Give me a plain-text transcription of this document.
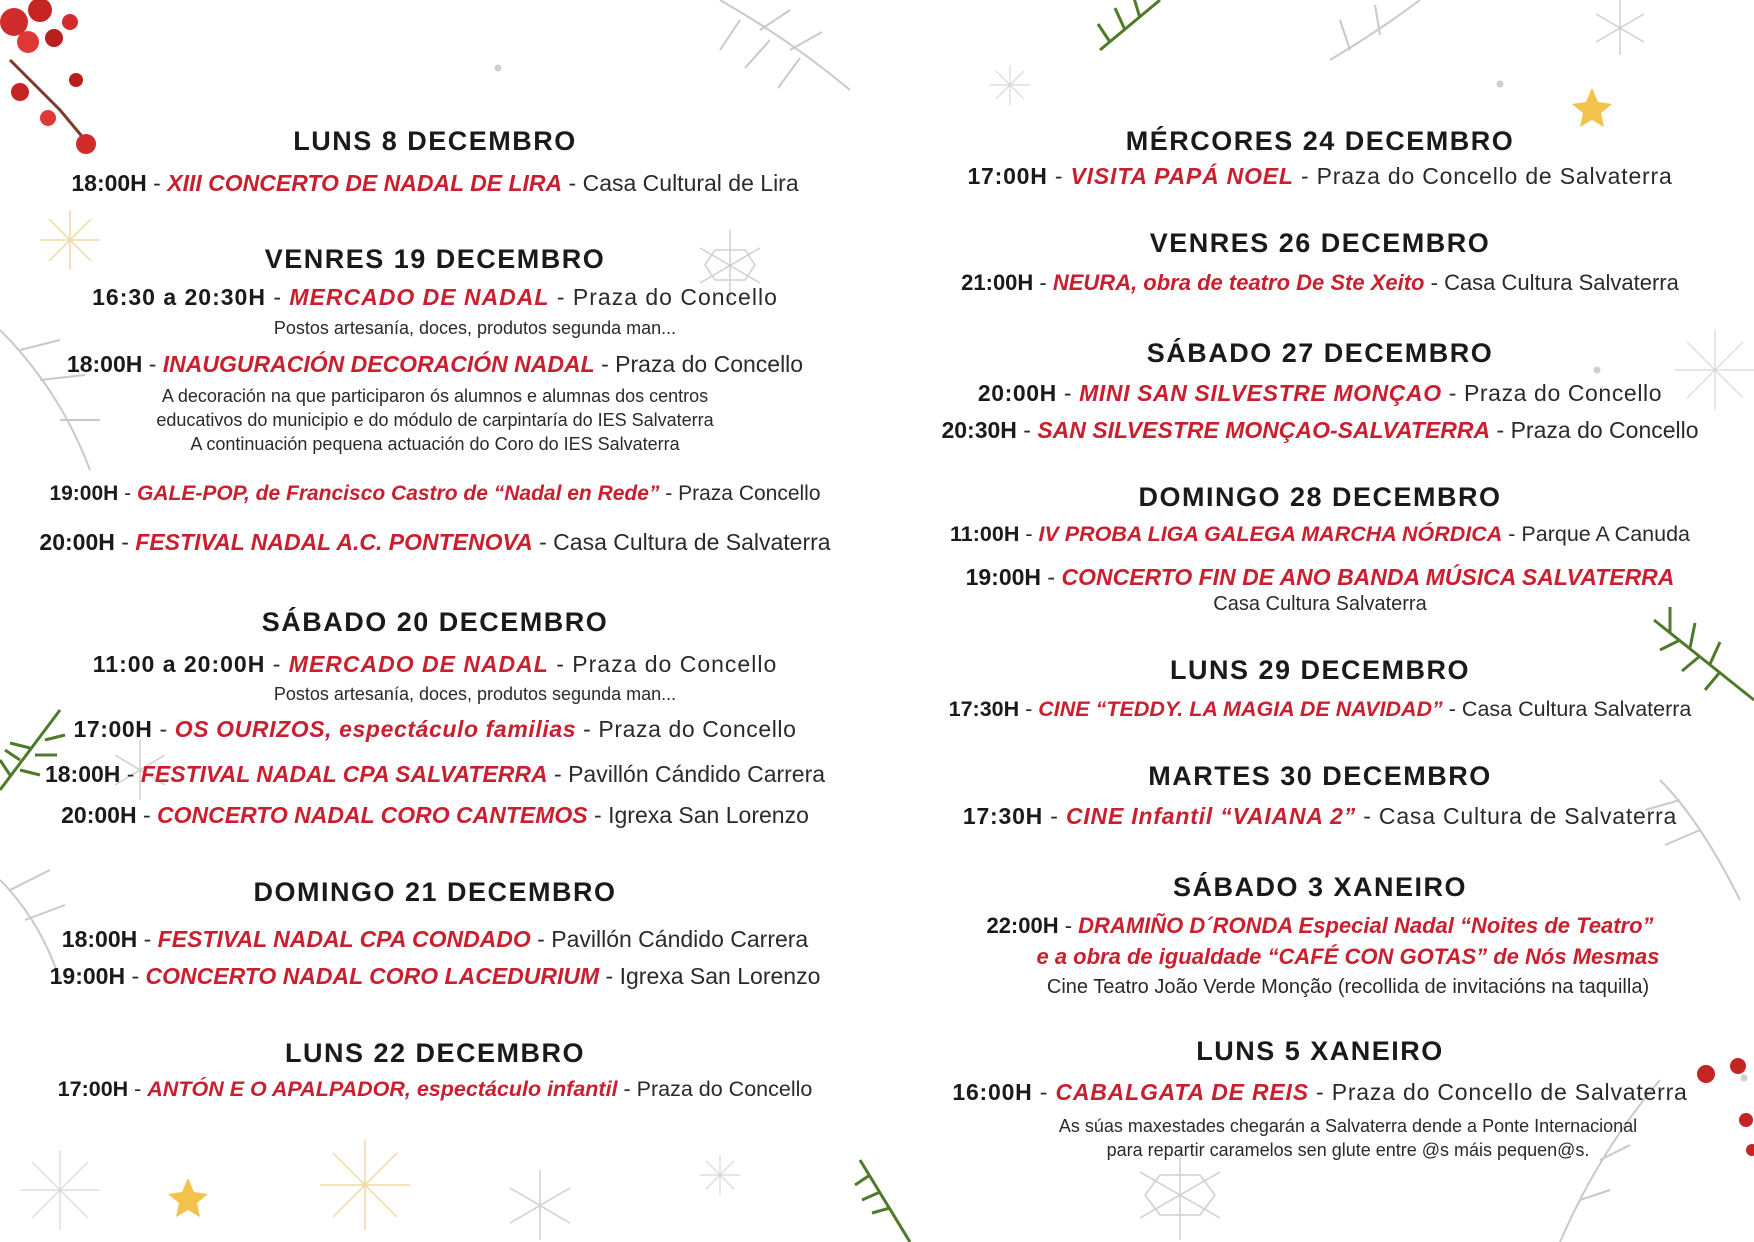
LUNS 8 DECEMBRO
18:00H - XIII CONCERTO DE NADAL DE LIRA - Casa Cultural de Lira
VENRES 19 DECEMBRO
16:30 a 20:30H - MERCADO DE NADAL - Praza do Concello
Postos artesanía, doces, produtos segunda man...
18:00H - INAUGURACIÓN DECORACIÓN NADAL - Praza do Concello
A decoración na que participaron ós alumnos e alumnas dos centros
educativos do municipio e do módulo de carpintaría do IES Salvaterra
A continuación pequena actuación do Coro do IES Salvaterra
19:00H - GALE-POP, de Francisco Castro de “Nadal en Rede” - Praza Concello
20:00H - FESTIVAL NADAL A.C. PONTENOVA - Casa Cultura de Salvaterra
SÁBADO 20 DECEMBRO
11:00 a 20:00H - MERCADO DE NADAL - Praza do Concello
Postos artesanía, doces, produtos segunda man...
17:00H - OS OURIZOS, espectáculo familias - Praza do Concello
18:00H - FESTIVAL NADAL CPA SALVATERRA - Pavillón Cándido Carrera
20:00H - CONCERTO NADAL CORO CANTEMOS - Igrexa San Lorenzo
DOMINGO 21 DECEMBRO
18:00H - FESTIVAL NADAL CPA CONDADO - Pavillón Cándido Carrera
19:00H - CONCERTO NADAL CORO LACEDURIUM - Igrexa San Lorenzo
LUNS 22 DECEMBRO
17:00H - ANTÓN E O APALPADOR, espectáculo infantil - Praza do Concello
MÉRCORES 24 DECEMBRO
17:00H - VISITA PAPÁ NOEL - Praza do Concello de Salvaterra
VENRES 26 DECEMBRO
21:00H - NEURA, obra de teatro De Ste Xeito - Casa Cultura Salvaterra
SÁBADO 27 DECEMBRO
20:00H - MINI SAN SILVESTRE MONÇAO - Praza do Concello
20:30H - SAN SILVESTRE MONÇAO-SALVATERRA - Praza do Concello
DOMINGO 28 DECEMBRO
11:00H - IV PROBA LIGA GALEGA MARCHA NÓRDICA - Parque A Canuda
19:00H - CONCERTO FIN DE ANO BANDA MÚSICA SALVATERRA
Casa Cultura Salvaterra
LUNS 29 DECEMBRO
17:30H - CINE “TEDDY. LA MAGIA DE NAVIDAD” - Casa Cultura Salvaterra
MARTES 30 DECEMBRO
17:30H - CINE Infantil “VAIANA 2” - Casa Cultura de Salvaterra
SÁBADO 3 XANEIRO
22:00H - DRAMIÑO D´RONDA Especial Nadal “Noites de Teatro”
e a obra de igualdade “CAFÉ CON GOTAS” de Nós Mesmas
Cine Teatro João Verde Monção (recollida de invitacións na taquilla)
LUNS 5 XANEIRO
16:00H - CABALGATA DE REIS - Praza do Concello de Salvaterra
As súas maxestades chegarán a Salvaterra dende a Ponte Internacional
para repartir caramelos sen glute entre @s máis pequen@s.
